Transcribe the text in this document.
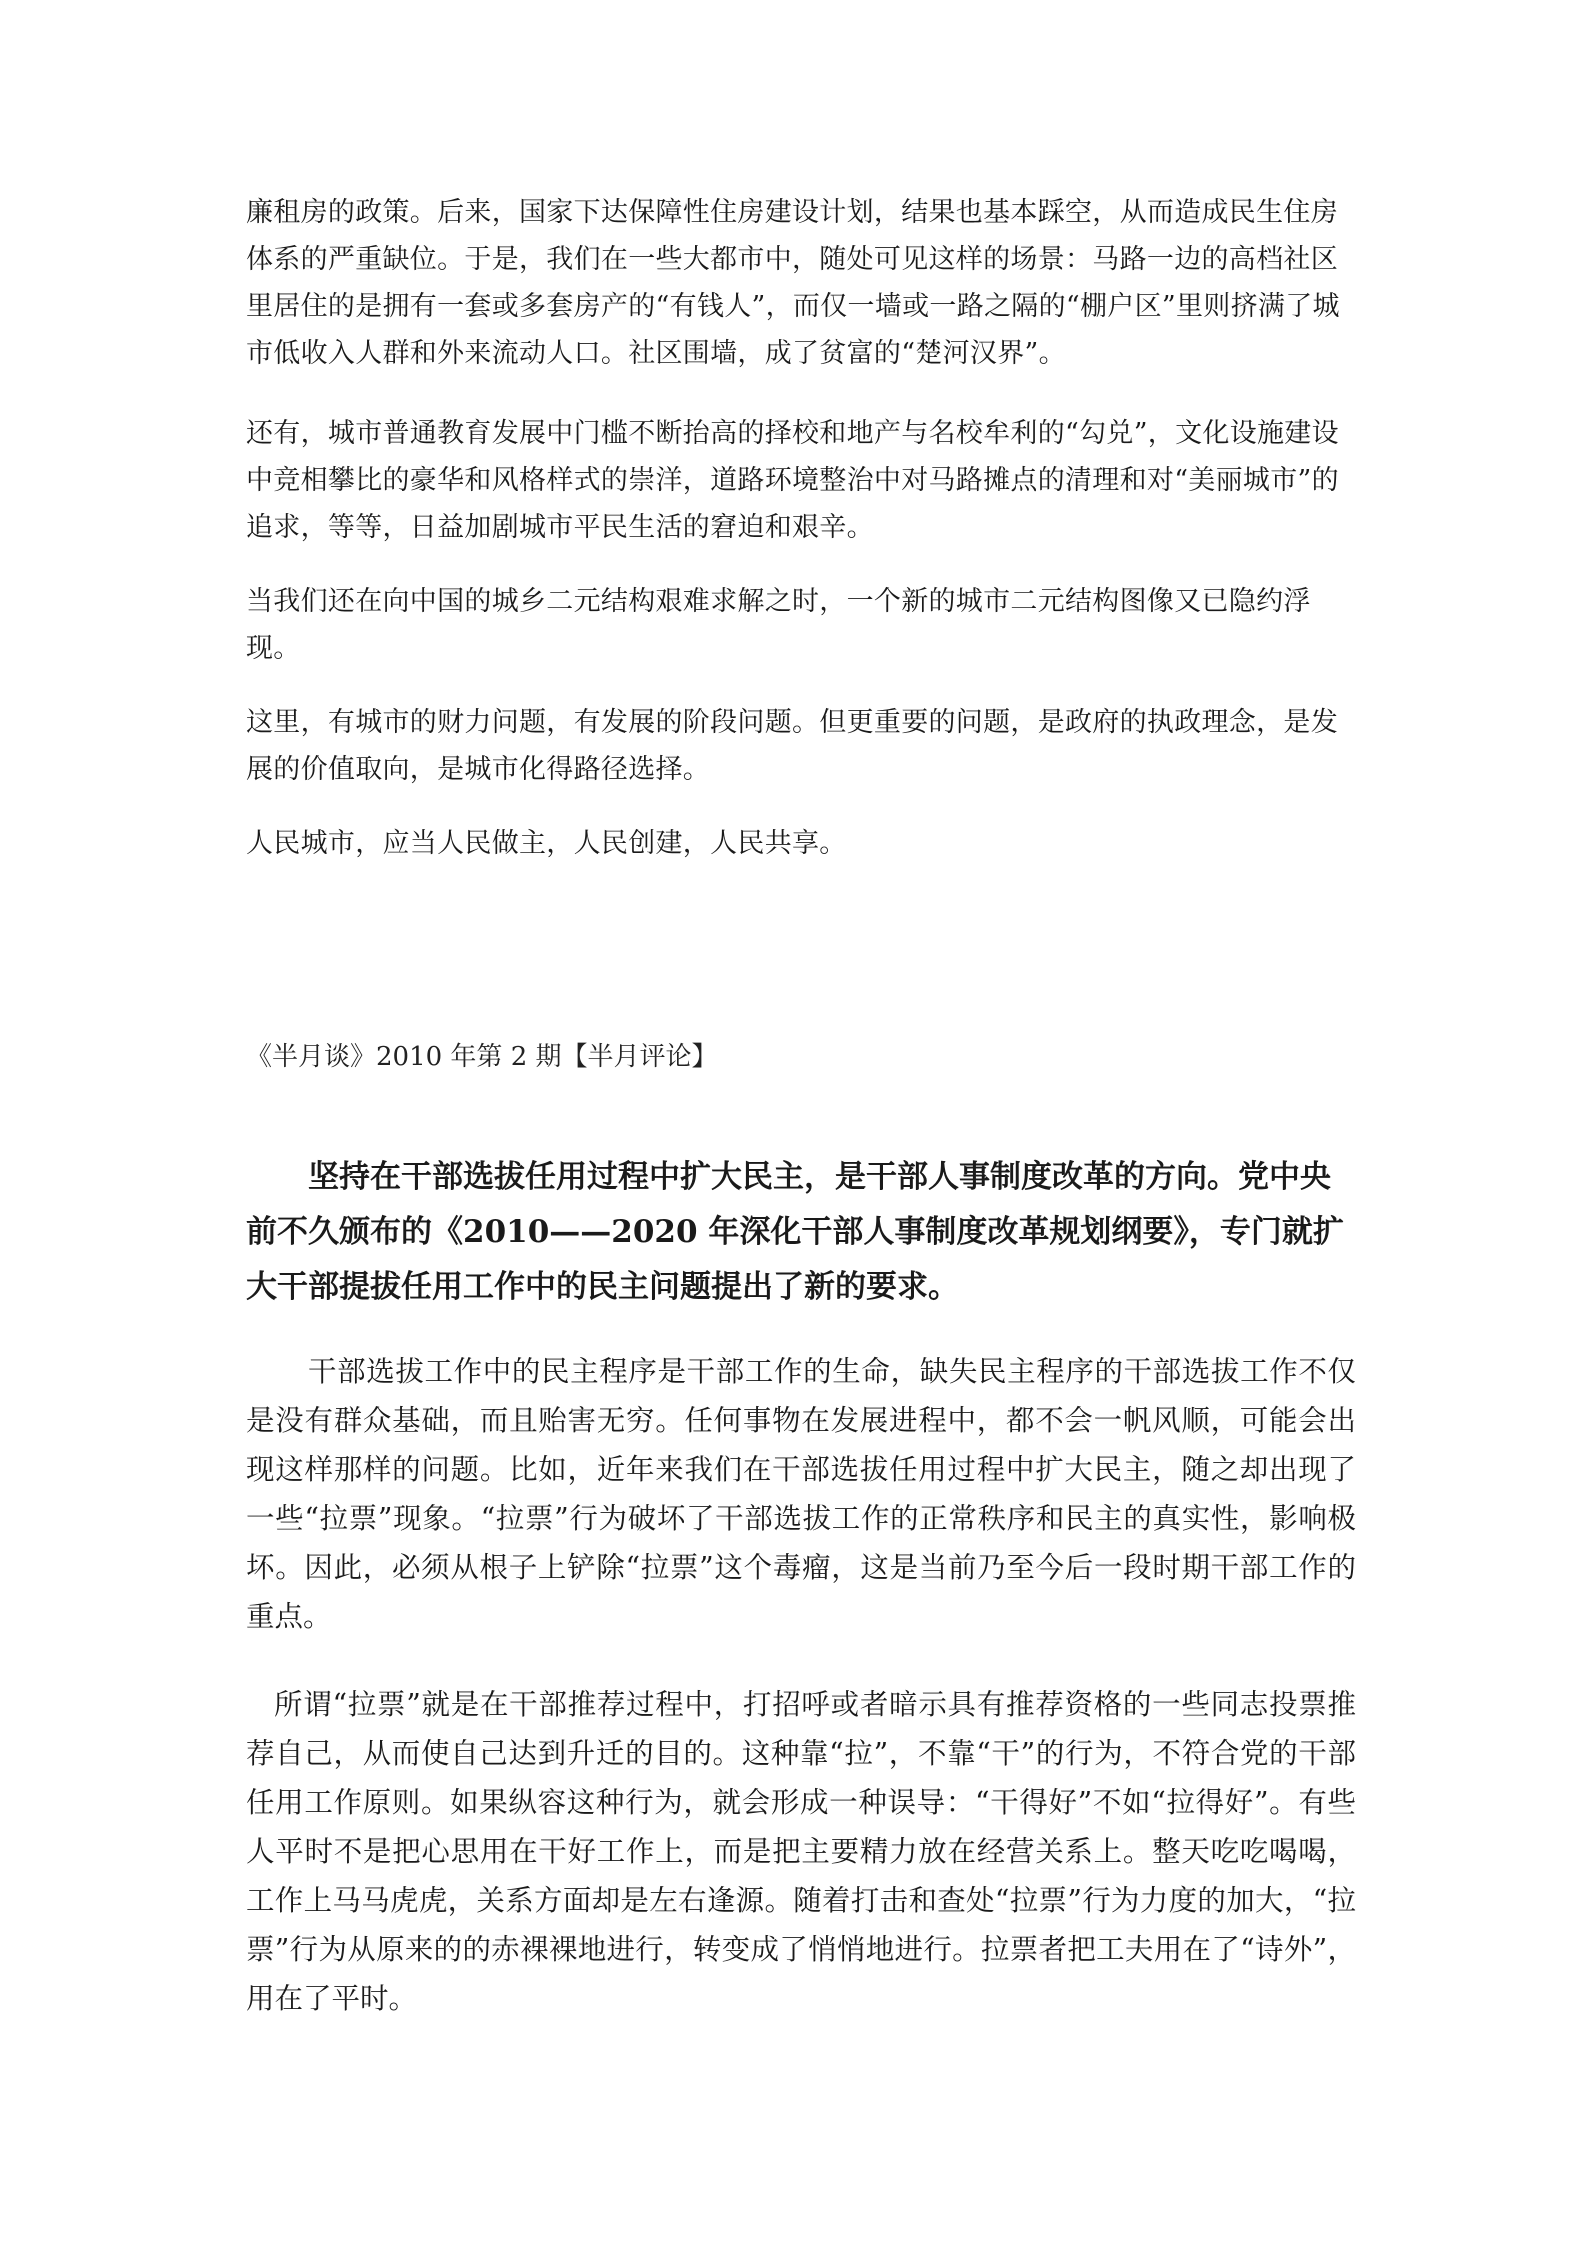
廉租房的政策。后来，国家下达保障性住房建设计划，结果也基本踩空，从而造成民生住房体系的严重缺位。于是，我们在一些大都市中，随处可见这样的场景：马路一边的高档社区里居住的是拥有一套或多套房产的“有钱人”，而仅一墙或一路之隔的“棚户区”里则挤满了城市低收入人群和外来流动人口。社区围墙，成了贫富的“楚河汉界”。

还有，城市普通教育发展中门槛不断抬高的择校和地产与名校牟利的“勾兑”，文化设施建设中竞相攀比的豪华和风格样式的崇洋，道路环境整治中对马路摊点的清理和对“美丽城市”的追求，等等，日益加剧城市平民生活的窘迫和艰辛。

当我们还在向中国的城乡二元结构艰难求解之时，一个新的城市二元结构图像又已隐约浮现。

这里，有城市的财力问题，有发展的阶段问题。但更重要的问题，是政府的执政理念，是发展的价值取向，是城市化得路径选择。

人民城市，应当人民做主，人民创建，人民共享。

《半月谈》2010 年第 2 期【半月评论】

坚持在干部选拔任用过程中扩大民主，是干部人事制度改革的方向。党中央前不久颁布的《2010——2020 年深化干部人事制度改革规划纲要》，专门就扩大干部提拔任用工作中的民主问题提出了新的要求。

干部选拔工作中的民主程序是干部工作的生命，缺失民主程序的干部选拔工作不仅是没有群众基础，而且贻害无穷。任何事物在发展进程中，都不会一帆风顺，可能会出现这样那样的问题。比如，近年来我们在干部选拔任用过程中扩大民主，随之却出现了一些“拉票”现象。“拉票”行为破坏了干部选拔工作的正常秩序和民主的真实性，影响极坏。因此，必须从根子上铲除“拉票”这个毒瘤，这是当前乃至今后一段时期干部工作的重点。

所谓“拉票”就是在干部推荐过程中，打招呼或者暗示具有推荐资格的一些同志投票推荐自己，从而使自己达到升迁的目的。这种靠“拉”，不靠“干”的行为，不符合党的干部任用工作原则。如果纵容这种行为，就会形成一种误导：“干得好”不如“拉得好”。有些人平时不是把心思用在干好工作上，而是把主要精力放在经营关系上。整天吃吃喝喝，工作上马马虎虎，关系方面却是左右逢源。随着打击和查处“拉票”行为力度的加大，“拉票”行为从原来的的赤裸裸地进行，转变成了悄悄地进行。拉票者把工夫用在了“诗外”，用在了平时。
